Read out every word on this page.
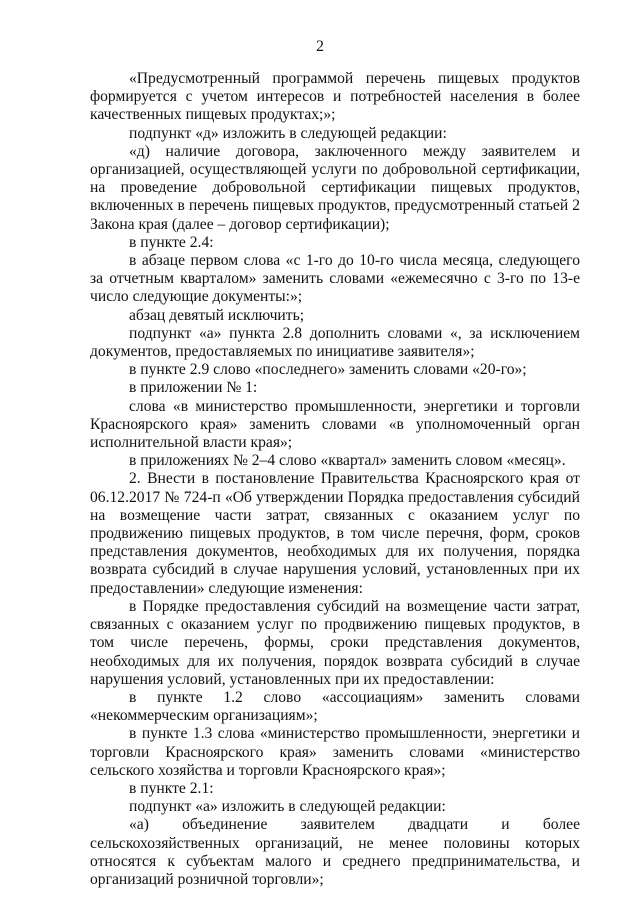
2

«Предусмотренный программой перечень пищевых продуктов формируется с учетом интересов и потребностей населения в более качественных пищевых продуктах;»;

подпункт «д» изложить в следующей редакции:

«д) наличие договора, заключенного между заявителем и организацией, осуществляющей услуги по добровольной сертификации, на проведение добровольной сертификации пищевых продуктов, включенных в перечень пищевых продуктов, предусмотренный статьей 2 Закона края (далее – договор сертификации);

в пункте 2.4:

в абзаце первом слова «с 1-го до 10-го числа месяца, следующего за отчетным кварталом» заменить словами «ежемесячно с 3-го по 13-е число следующие документы:»;

абзац девятый исключить;

подпункт «а» пункта 2.8 дополнить словами «, за исключением документов, предоставляемых по инициативе заявителя»;

в пункте 2.9 слово «последнего» заменить словами «20-го»;

в приложении № 1:

слова «в министерство промышленности, энергетики и торговли Красноярского края» заменить словами «в уполномоченный орган исполнительной власти края»;

в приложениях № 2–4 слово «квартал» заменить словом «месяц».

2. Внести в постановление Правительства Красноярского края от 06.12.2017 № 724-п «Об утверждении Порядка предоставления субсидий на возмещение части затрат, связанных с оказанием услуг по продвижению пищевых продуктов, в том числе перечня, форм, сроков представления документов, необходимых для их получения, порядка возврата субсидий в случае нарушения условий, установленных при их предоставлении» следующие изменения:

в Порядке предоставления субсидий на возмещение части затрат, связанных с оказанием услуг по продвижению пищевых продуктов, в том числе перечень, формы, сроки представления документов, необходимых для их получения, порядок возврата субсидий в случае нарушения условий, установленных при их предоставлении:

в пункте 1.2 слово «ассоциациям» заменить словами «некоммерческим организациям»;

в пункте 1.3 слова «министерство промышленности, энергетики и торговли Красноярского края» заменить словами «министерство сельского хозяйства и торговли Красноярского края»;

в пункте 2.1:

подпункт «а» изложить в следующей редакции:

«а) объединение заявителем двадцати и более сельскохозяйственных организаций, не менее половины которых относятся к субъектам малого и среднего предпринимательства, и организаций розничной торговли»;
